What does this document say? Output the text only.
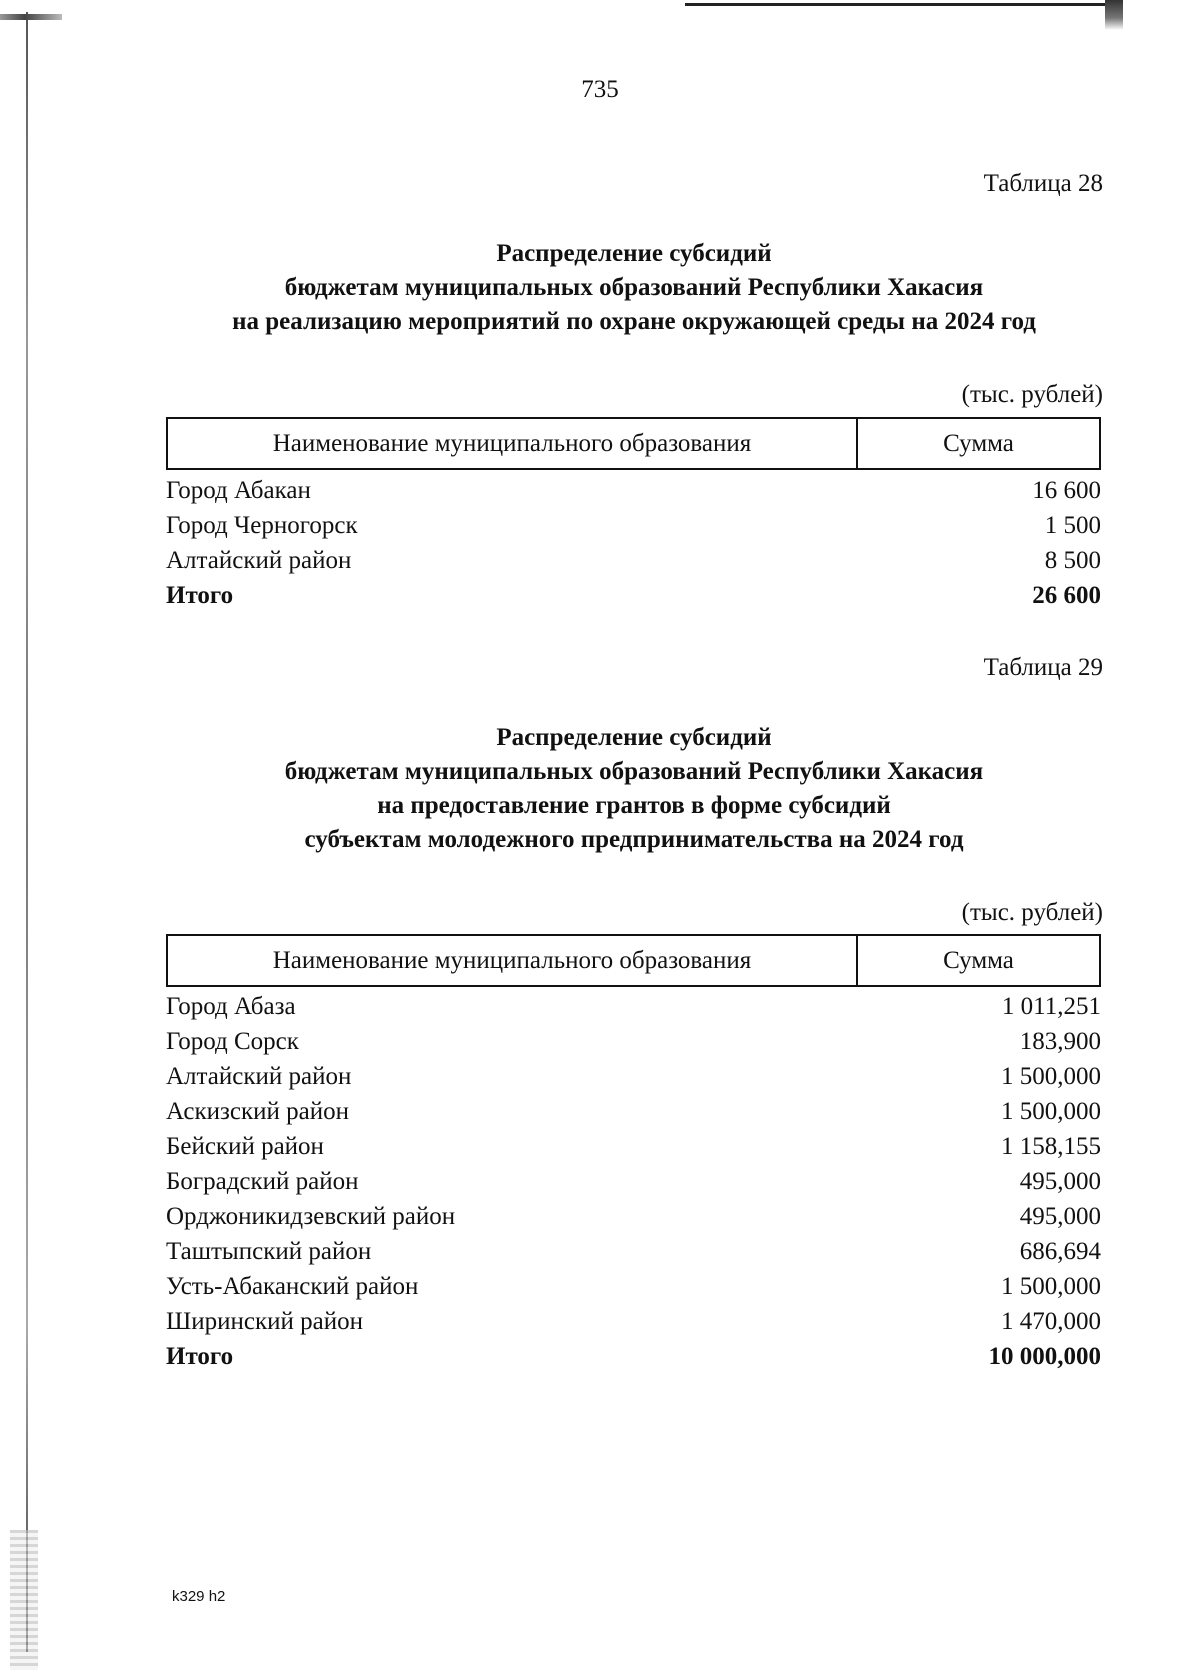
735
Таблица 28
Распределение субсидий
бюджетам муниципальных образований Республики Хакасия
на реализацию мероприятий по охране окружающей среды на 2024 год
(тыс. рублей)
Наименование муниципального образования	Сумма
Город Абакан	16 600
Город Черногорск	1 500
Алтайский район	8 500
Итого	26 600
Таблица 29
Распределение субсидий
бюджетам муниципальных образований Республики Хакасия
на предоставление грантов в форме субсидий
субъектам молодежного предпринимательства на 2024 год
(тыс. рублей)
Наименование муниципального образования	Сумма
Город Абаза	1 011,251
Город Сорск	183,900
Алтайский район	1 500,000
Аскизский район	1 500,000
Бейский район	1 158,155
Боградский район	495,000
Орджоникидзевский район	495,000
Таштыпский район	686,694
Усть-Абаканский район	1 500,000
Ширинский район	1 470,000
Итого	10 000,000
k329 h2
